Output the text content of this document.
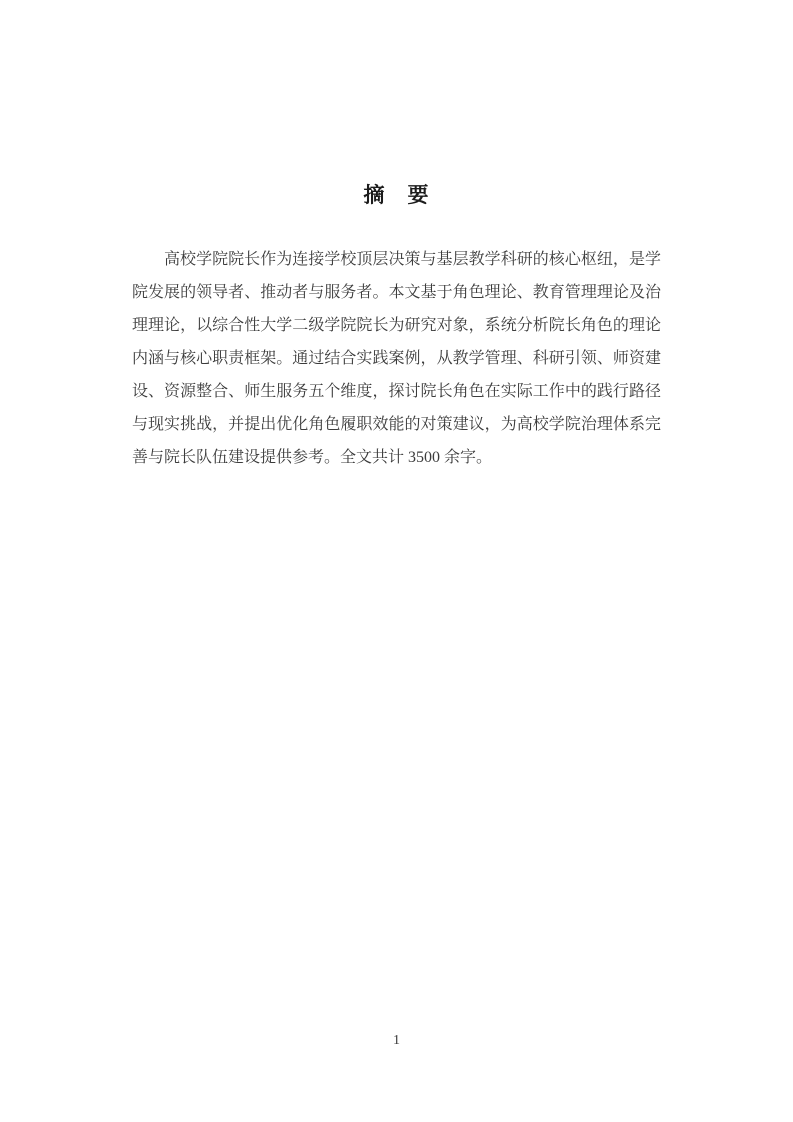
摘　要

高校学院院长作为连接学校顶层决策与基层教学科研的核心枢纽，是学院发展的领导者、推动者与服务者。本文基于角色理论、教育管理理论及治理理论，以综合性大学二级学院院长为研究对象，系统分析院长角色的理论内涵与核心职责框架。通过结合实践案例，从教学管理、科研引领、师资建设、资源整合、师生服务五个维度，探讨院长角色在实际工作中的践行路径与现实挑战，并提出优化角色履职效能的对策建议，为高校学院治理体系完善与院长队伍建设提供参考。全文共计 3500 余字。

1
